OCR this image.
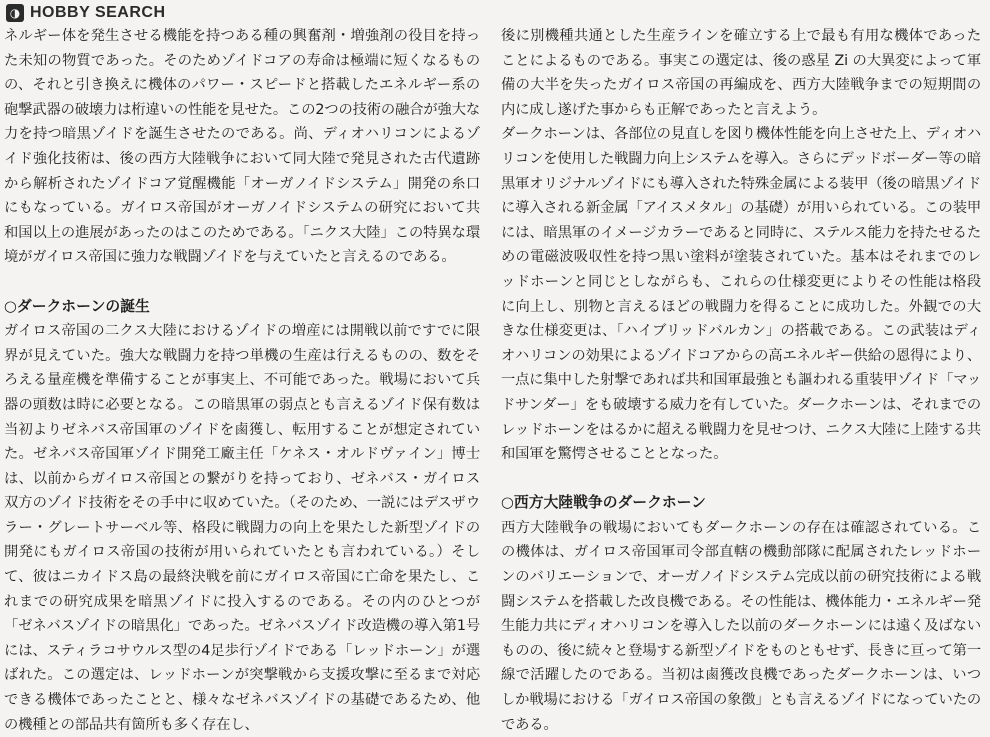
◑ HOBBY SEARCH

ネルギー体を発生させる機能を持つある種の興奮剤・増強剤の役目を持った未知の物質であった。そのためゾイドコアの寿命は極端に短くなるものの、それと引き換えに機体のパワー・スピードと搭載したエネルギー系の砲撃武器の破壊力は桁違いの性能を見せた。この2つの技術の融合が強大な力を持つ暗黒ゾイドを誕生させたのである。尚、ディオハリコンによるゾイド強化技術は、後の西方大陸戦争において同大陸で発見された古代遺跡から解析されたゾイドコア覚醒機能「オーガノイドシステム」開発の糸口にもなっている。ガイロス帝国がオーガノイドシステムの研究において共和国以上の進展があったのはこのためである。「ニクス大陸」この特異な環境がガイロス帝国に強力な戦闘ゾイドを与えていたと言えるのである。

○ダークホーンの誕生

ガイロス帝国の二クス大陸におけるゾイドの増産には開戦以前ですでに限界が見えていた。強大な戦闘力を持つ単機の生産は行えるものの、数をそろえる量産機を準備することが事実上、不可能であった。戦場において兵器の頭数は時に必要となる。この暗黒軍の弱点とも言えるゾイド保有数は当初よりゼネバス帝国軍のゾイドを鹵獲し、転用することが想定されていた。ゼネバス帝国軍ゾイド開発工廠主任「ケネス・オルドヴァイン」博士は、以前からガイロス帝国との繋がりを持っており、ゼネバス・ガイロス双方のゾイド技術をその手中に収めていた。（そのため、一説にはデスザウラー・グレートサーベル等、格段に戦闘力の向上を果たした新型ゾイドの開発にもガイロス帝国の技術が用いられていたとも言われている。）そして、彼はニカイドス島の最終決戦を前にガイロス帝国に亡命を果たし、これまでの研究成果を暗黒ゾイドに投入するのである。その内のひとつが「ゼネバスゾイドの暗黒化」であった。ゼネバスゾイド改造機の導入第1号には、スティラコサウルス型の4足歩行ゾイドである「レッドホーン」が選ばれた。この選定は、レッドホーンが突撃戦から支援攻撃に至るまで対応できる機体であったことと、様々なゼネバスゾイドの基礎であるため、他の機種との部品共有箇所も多く存在し、

後に別機種共通とした生産ラインを確立する上で最も有用な機体であったことによるものである。事実この選定は、後の惑星 Zi の大異変によって軍備の大半を失ったガイロス帝国の再編成を、西方大陸戦争までの短期間の内に成し遂げた事からも正解であったと言えよう。

ダークホーンは、各部位の見直しを図り機体性能を向上させた上、ディオハリコンを使用した戦闘力向上システムを導入。さらにデッドボーダー等の暗黒軍オリジナルゾイドにも導入された特殊金属による装甲（後の暗黒ゾイドに導入される新金属「アイスメタル」の基礎）が用いられている。この装甲には、暗黒軍のイメージカラーであると同時に、ステルス能力を持たせるための電磁波吸収性を持つ黒い塗料が塗装されていた。基本はそれまでのレッドホーンと同じとしながらも、これらの仕様変更によりその性能は格段に向上し、別物と言えるほどの戦闘力を得ることに成功した。外観での大きな仕様変更は、「ハイブリッドバルカン」の搭載である。この武装はディオハリコンの効果によるゾイドコアからの高エネルギー供給の恩得により、一点に集中した射撃であれば共和国軍最強とも謳われる重装甲ゾイド「マッドサンダー」をも破壊する威力を有していた。ダークホーンは、それまでのレッドホーンをはるかに超える戦闘力を見せつけ、ニクス大陸に上陸する共和国軍を驚愕させることとなった。

○西方大陸戦争のダークホーン

西方大陸戦争の戦場においてもダークホーンの存在は確認されている。この機体は、ガイロス帝国軍司令部直轄の機動部隊に配属されたレッドホーンのバリエーションで、オーガノイドシステム完成以前の研究技術による戦闘システムを搭載した改良機である。その性能は、機体能力・エネルギー発生能力共にディオハリコンを導入した以前のダークホーンには遠く及ばないものの、後に続々と登場する新型ゾイドをものともせず、長きに亘って第一線で活躍したのである。当初は鹵獲改良機であったダークホーンは、いつしか戦場における「ガイロス帝国の象徴」とも言えるゾイドになっていたのである。
